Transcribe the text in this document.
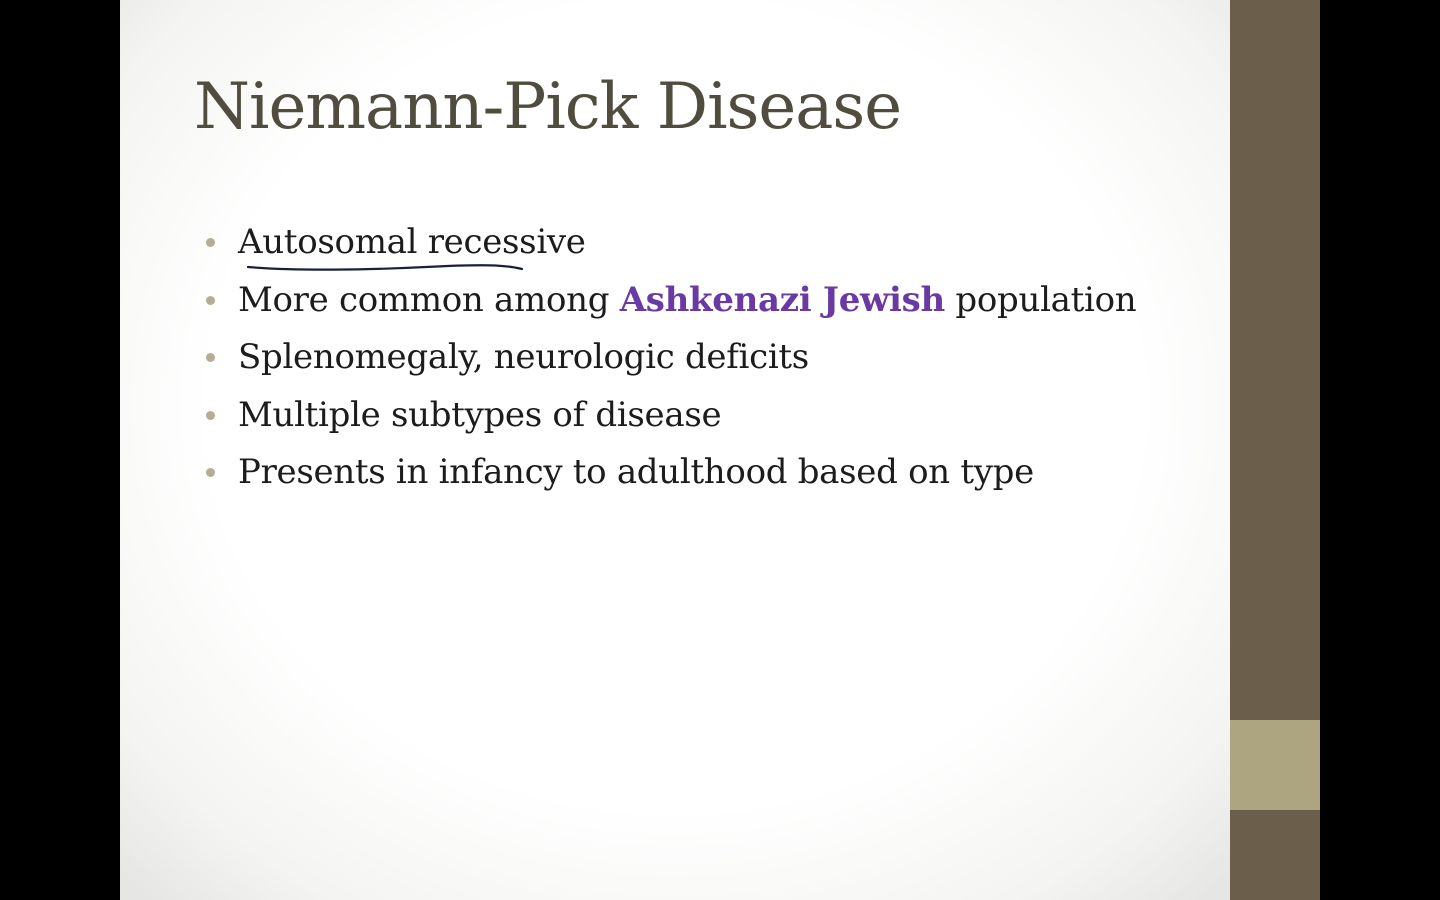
Niemann-Pick Disease
Autosomal recessive
More common among Ashkenazi Jewish population
Splenomegaly, neurologic deficits
Multiple subtypes of disease
Presents in infancy to adulthood based on type
